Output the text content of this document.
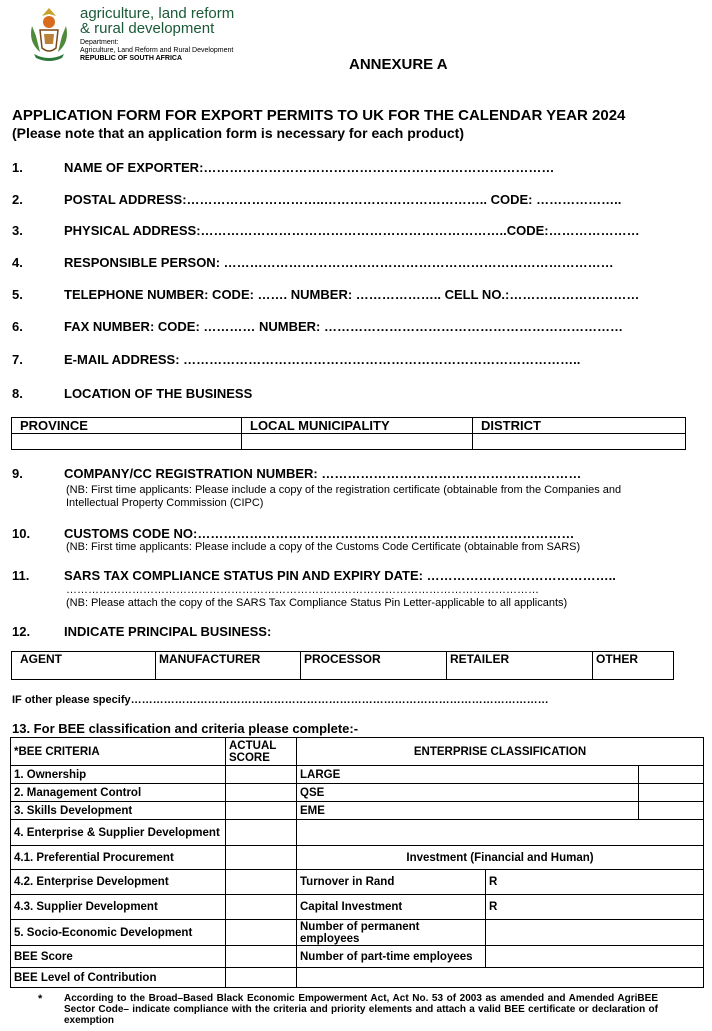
agriculture, land reform
& rural development
Department:
Agriculture, Land Reform and Rural Development
REPUBLIC OF SOUTH AFRICA	ANNEXURE A
APPLICATION FORM FOR EXPORT PERMITS TO UK FOR THE CALENDAR YEAR 2024
(Please note that an application form is necessary for each product)
1.	NAME OF EXPORTER:………………………………………………………………………
2.	POSTAL ADDRESS:…………………………..……………………………….. CODE: ………………..
3.	PHYSICAL ADDRESS:……………………………………………………………..CODE:…………………
4.	RESPONSIBLE PERSON: ………………………………………………………………………………
5.	TELEPHONE NUMBER: CODE: ……. NUMBER: ……………….. CELL NO.:…………………………
6.	FAX NUMBER: CODE: ………… NUMBER: ……………………………………………………………
7.	E-MAIL ADDRESS: ………………………………………………………………………………..
8.	LOCATION OF THE BUSINESS
PROVINCE	LOCAL MUNICIPALITY	DISTRICT

9.	COMPANY/CC REGISTRATION NUMBER: ……………………………………………………
(NB: First time applicants: Please include a copy of the registration certificate (obtainable from the Companies and
Intellectual Property Commission (CIPC)
10.	CUSTOMS CODE NO:……………………………………………………………………………
(NB: First time applicants: Please include a copy of the Customs Code Certificate (obtainable from SARS)
11.	SARS TAX COMPLIANCE STATUS PIN AND EXPIRY DATE: ……………………………………..
…………………………………………………………………………………………………………………
(NB: Please attach the copy of the SARS Tax Compliance Status Pin Letter-applicable to all applicants)
12.	INDICATE PRINCIPAL BUSINESS:
AGENT	MANUFACTURER	PROCESSOR	RETAILER	OTHER
IF other please specify……………………………………………………………………………………………………
13. For BEE classification and criteria please complete:-
*BEE CRITERIA	ACTUAL SCORE	ENTERPRISE CLASSIFICATION		
1. Ownership		LARGE		
2. Management Control		QSE		
3. Skills Development		EME		
4. Enterprise & Supplier Development				
4.1. Preferential Procurement		Investment (Financial and Human)		
4.2. Enterprise Development		Turnover in Rand	R	
4.3. Supplier Development		Capital Investment	R	
5. Socio-Economic Development		Number of permanent employees		
BEE Score		Number of part-time employees		
BEE Level of Contribution				
* According to the Broad–Based Black Economic Empowerment Act, Act No. 53 of 2003 as amended and Amended AgriBEE Sector Code– indicate compliance with the criteria and priority elements and attach a valid BEE certificate or declaration of exemption
